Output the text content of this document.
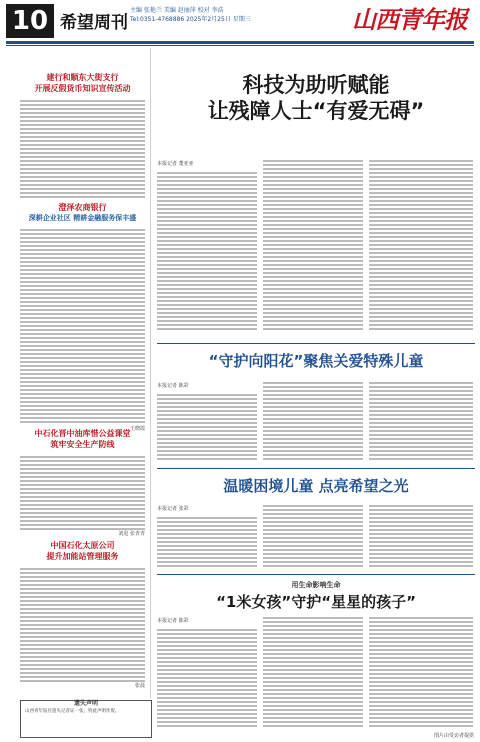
10 希望周刊
主编 张艳兰 美编 赵丽萍 校对 李浩
Tel:0351-4768886 2025年2月25日 星期三	山西青年报
建行和顺东大街支行
开展反假货币知识宣传活动
澄泽农商银行
深耕企业社区 精耕金融服务保丰盛
王晓霞
中石化晋中油库惜公益课堂
筑牢安全生产防线
刘进 张青青
中国石化太原公司
提升加能站管理服务
张晨
遗失声明
山西青年报社遗失记者证一张，特此声明作废。
科技为助听赋能
让残障人士“有爱无碍”
本报记者 董亚亚
“守护向阳花”聚焦关爱特殊儿童
本报记者 陈彩
温暖困境儿童 点亮希望之光
本报记者 张彩
用生命影响生命
“1米女孩”守护“星星的孩子”
本报记者 陈彩
图片由受访者提供
